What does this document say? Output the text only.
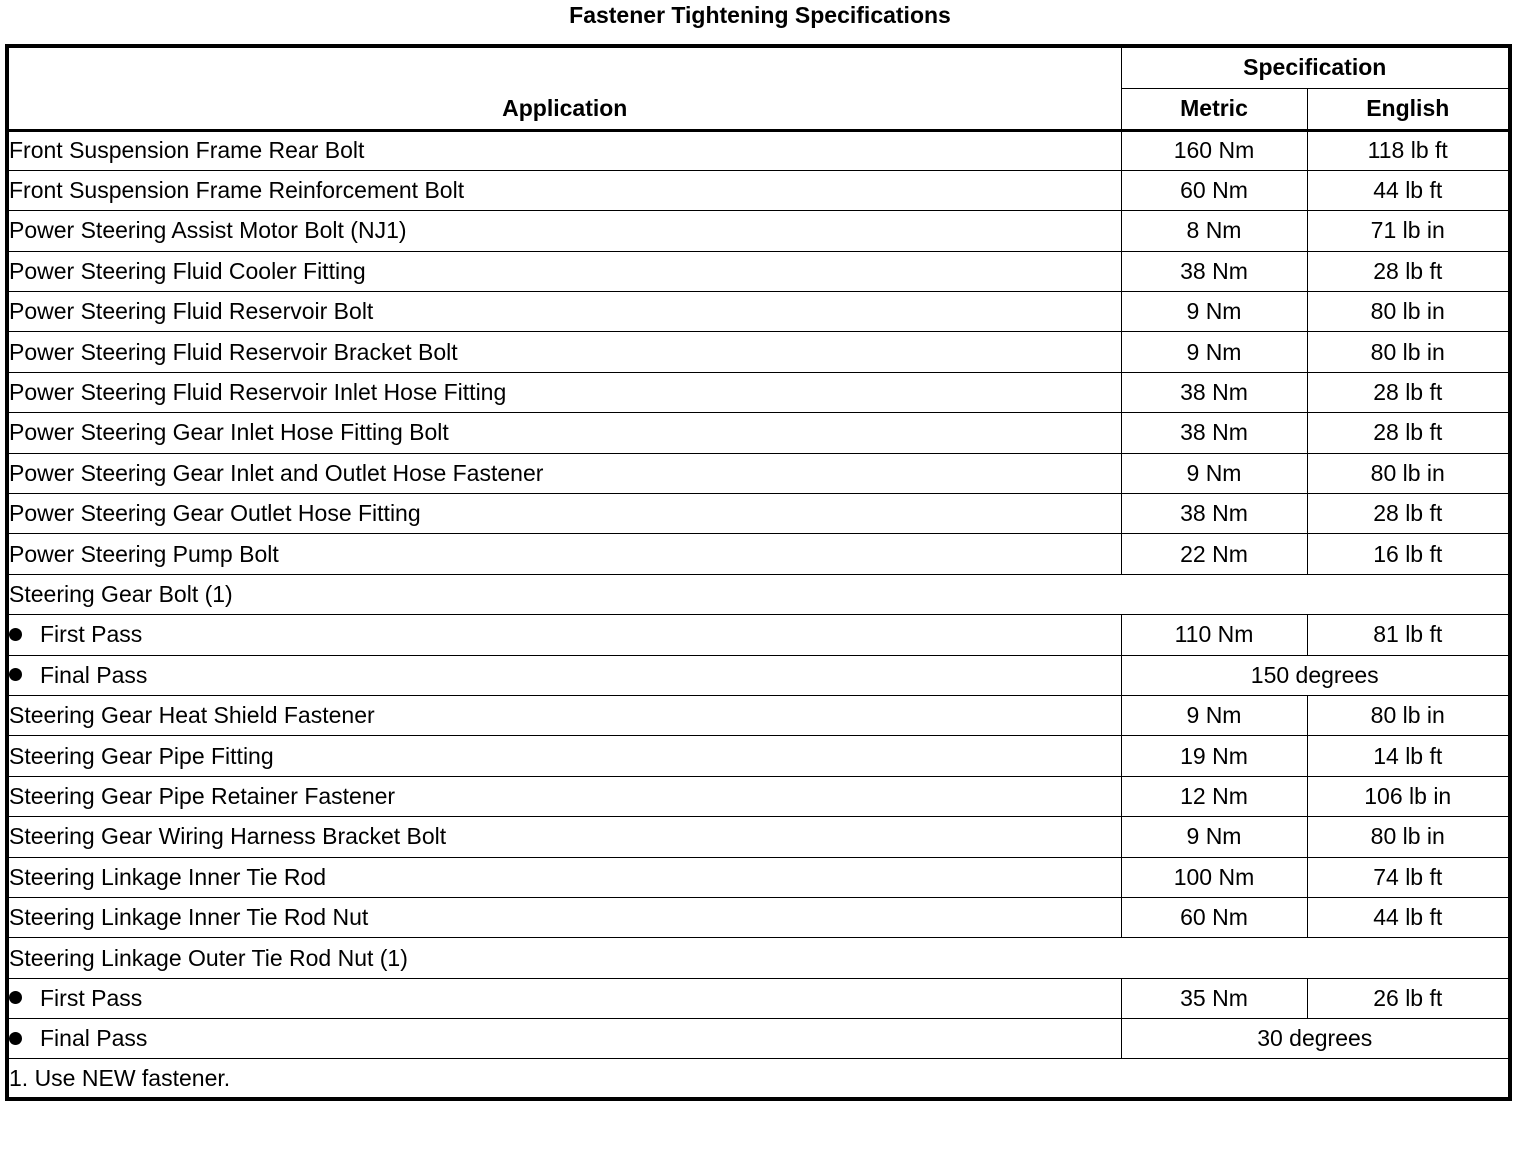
Fastener Tightening Specifications
Application	Specification	
	Metric	English
Front Suspension Frame Rear Bolt	160 Nm	118 lb ft
Front Suspension Frame Reinforcement Bolt	60 Nm	44 lb ft
Power Steering Assist Motor Bolt (NJ1)	8 Nm	71 lb in
Power Steering Fluid Cooler Fitting	38 Nm	28 lb ft
Power Steering Fluid Reservoir Bolt	9 Nm	80 lb in
Power Steering Fluid Reservoir Bracket Bolt	9 Nm	80 lb in
Power Steering Fluid Reservoir Inlet Hose Fitting	38 Nm	28 lb ft
Power Steering Gear Inlet Hose Fitting Bolt	38 Nm	28 lb ft
Power Steering Gear Inlet and Outlet Hose Fastener	9 Nm	80 lb in
Power Steering Gear Outlet Hose Fitting	38 Nm	28 lb ft
Power Steering Pump Bolt	22 Nm	16 lb ft
Steering Gear Bolt (1)		
First Pass	110 Nm	81 lb ft
Final Pass	150 degrees	
Steering Gear Heat Shield Fastener	9 Nm	80 lb in
Steering Gear Pipe Fitting	19 Nm	14 lb ft
Steering Gear Pipe Retainer Fastener	12 Nm	106 lb in
Steering Gear Wiring Harness Bracket Bolt	9 Nm	80 lb in
Steering Linkage Inner Tie Rod	100 Nm	74 lb ft
Steering Linkage Inner Tie Rod Nut	60 Nm	44 lb ft
Steering Linkage Outer Tie Rod Nut (1)		
First Pass	35 Nm	26 lb ft
Final Pass	30 degrees	
1. Use NEW fastener.		
